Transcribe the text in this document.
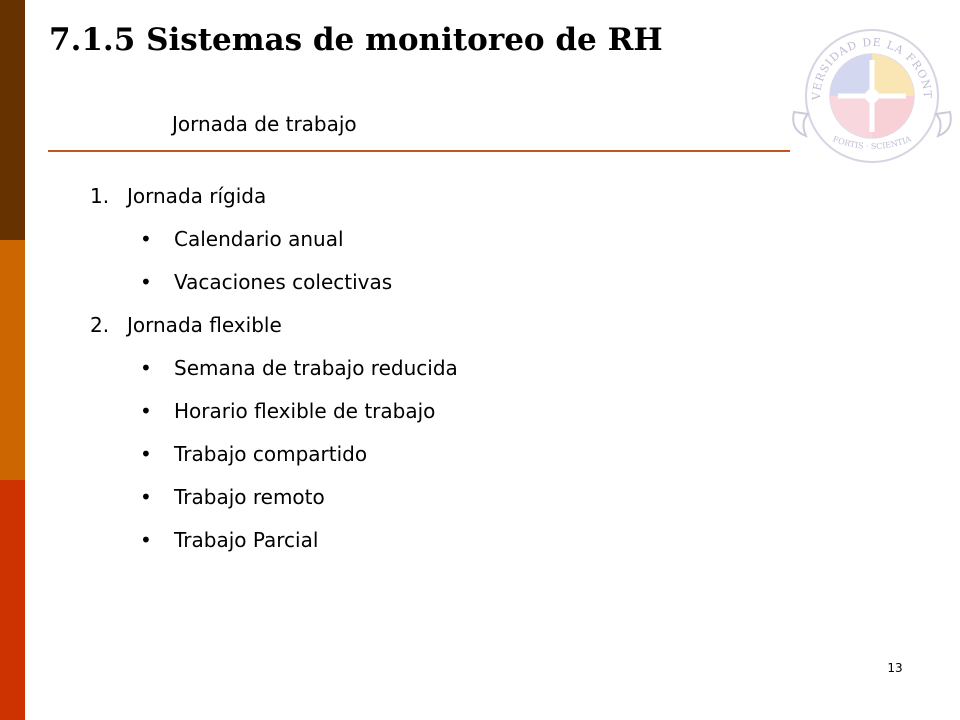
7.1.5 Sistemas de monitoreo de RH
Jornada de trabajo
VERSIDAD DE LA FRONT
FORTIS · SCIENTIA
1. Jornada rígida
• Calendario anual
• Vacaciones colectivas
2. Jornada flexible
• Semana de trabajo reducida
• Horario flexible de trabajo
• Trabajo compartido
• Trabajo remoto
• Trabajo Parcial
13
